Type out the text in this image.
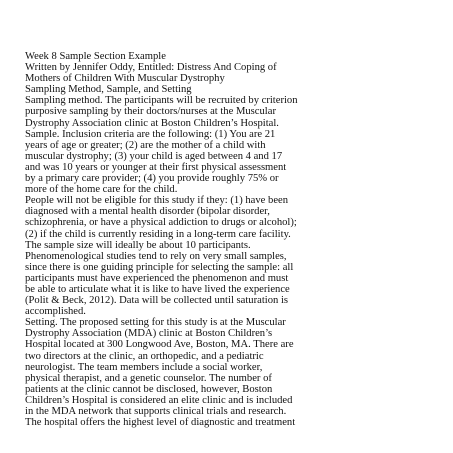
Week 8 Sample Section Example
Written by Jennifer Oddy, Entitled: Distress And Coping of
Mothers of Children With Muscular Dystrophy
Sampling Method, Sample, and Setting
Sampling method. The participants will be recruited by criterion
purposive sampling by their doctors/nurses at the Muscular
Dystrophy Association clinic at Boston Children’s Hospital.
Sample. Inclusion criteria are the following: (1) You are 21
years of age or greater; (2) are the mother of a child with
muscular dystrophy; (3) your child is aged between 4 and 17
and was 10 years or younger at their first physical assessment
by a primary care provider; (4) you provide roughly 75% or
more of the home care for the child.
People will not be eligible for this study if they: (1) have been
diagnosed with a mental health disorder (bipolar disorder,
schizophrenia, or have a physical addiction to drugs or alcohol);
(2) if the child is currently residing in a long-term care facility.
The sample size will ideally be about 10 participants.
Phenomenological studies tend to rely on very small samples,
since there is one guiding principle for selecting the sample: all
participants must have experienced the phenomenon and must
be able to articulate what it is like to have lived the experience
(Polit & Beck, 2012). Data will be collected until saturation is
accomplished.
Setting. The proposed setting for this study is at the Muscular
Dystrophy Association (MDA) clinic at Boston Children’s
Hospital located at 300 Longwood Ave, Boston, MA. There are
two directors at the clinic, an orthopedic, and a pediatric
neurologist. The team members include a social worker,
physical therapist, and a genetic counselor. The number of
patients at the clinic cannot be disclosed, however, Boston
Children’s Hospital is considered an elite clinic and is included
in the MDA network that supports clinical trials and research.
The hospital offers the highest level of diagnostic and treatment
